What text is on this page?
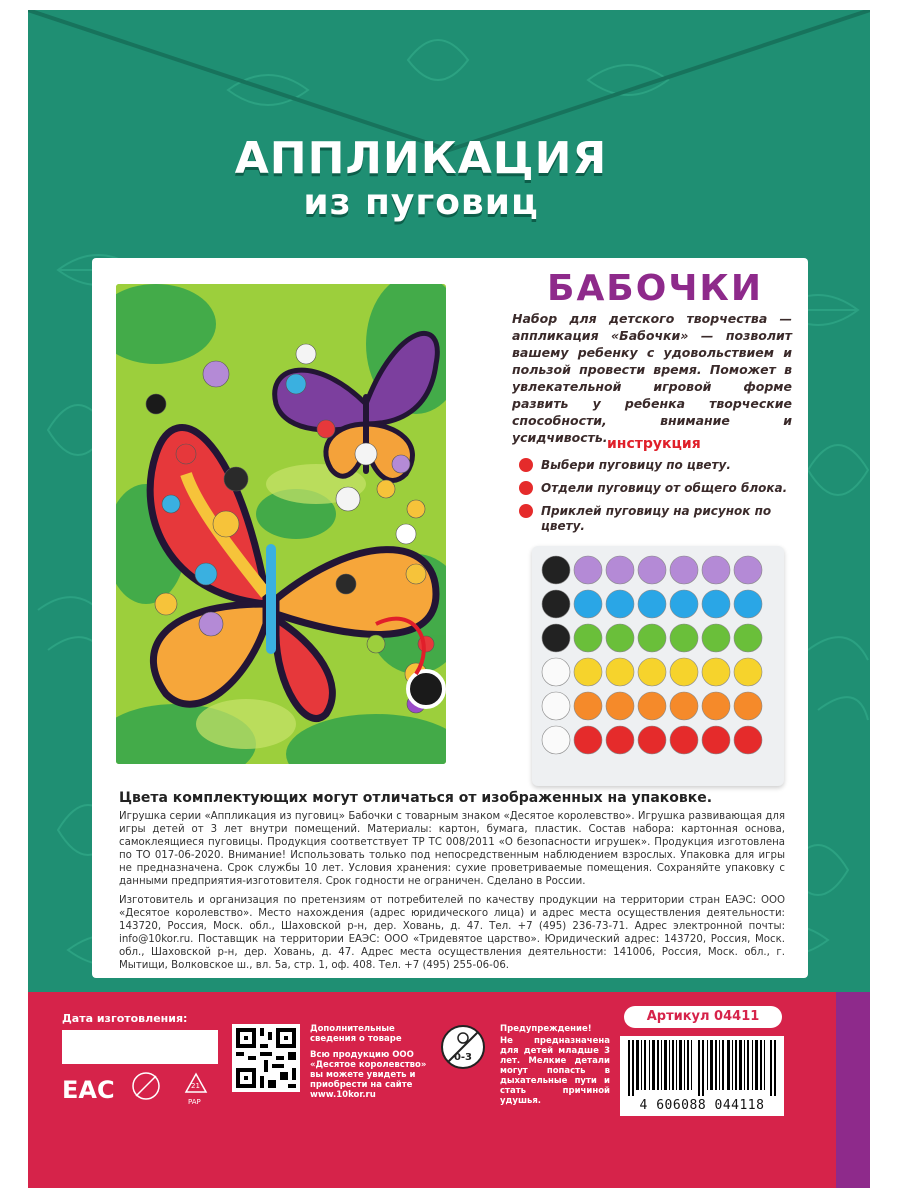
АППЛИКАЦИЯ
из пуговиц
БАБОЧКИ
Набор для детского творчества — аппликация «Бабочки» — позволит вашему ребенку с удовольствием и пользой провести время. Поможет в увлекательной игровой форме развить у ребенка творческие способности, внимание и усидчивость. инструкция
Выбери пуговицу по цвету.
Отдели пуговицу от общего блока.
Приклей пуговицу на рисунок по цвету.
Цвета комплектующих могут отличаться от изображенных на упаковке.
Игрушка серии «Аппликация из пуговиц» Бабочки с товарным знаком «Десятое королевство». Игрушка развивающая для игры детей от 3 лет внутри помещений. Материалы: картон, бумага, пластик. Состав набора: картонная основа, самоклеящиеся пуговицы. Продукция соответствует ТР ТС 008/2011 «О безопасности игрушек». Продукция изготовлена по ТО 017-06-2020. Внимание! Использовать только под непосредственным наблюдением взрослых. Упаковка для игры не предназначена. Срок службы 10 лет. Условия хранения: сухие проветриваемые помещения. Сохраняйте упаковку с данными предприятия-изготовителя. Срок годности не ограничен. Сделано в России.
Изготовитель и организация по претензиям от потребителей по качеству продукции на территории стран ЕАЭС: ООО «Десятое королевство». Место нахождения (адрес юридического лица) и адрес места осуществления деятельности: 143720, Россия, Моск. обл., Шаховской р-н, дер. Ховань, д. 47. Тел. +7 (495) 236-73-71. Адрес электронной почты: info@10kor.ru. Поставщик на территории ЕАЭС: ООО «Тридевятое царство». Юридический адрес: 143720, Россия, Моск. обл., Шаховской р-н, дер. Ховань, д. 47. Адрес места осуществления деятельности: 141006, Россия, Моск. обл., г. Мытищи, Волковское ш., вл. 5а, стр. 1, оф. 408. Тел. +7 (495) 255-06-06.
Дата изготовления:
EAC	21
PAP
Дополнительные сведения о товаре
Всю продукцию ООО «Десятое королевство» вы можете увидеть и приобрести на сайте www.10kor.ru
0-3
Предупреждение!
Не предназначена для детей младше 3 лет. Мелкие детали могут попасть в дыхательные пути и стать причиной удушья.
Артикул 04411
4 606088 044118
